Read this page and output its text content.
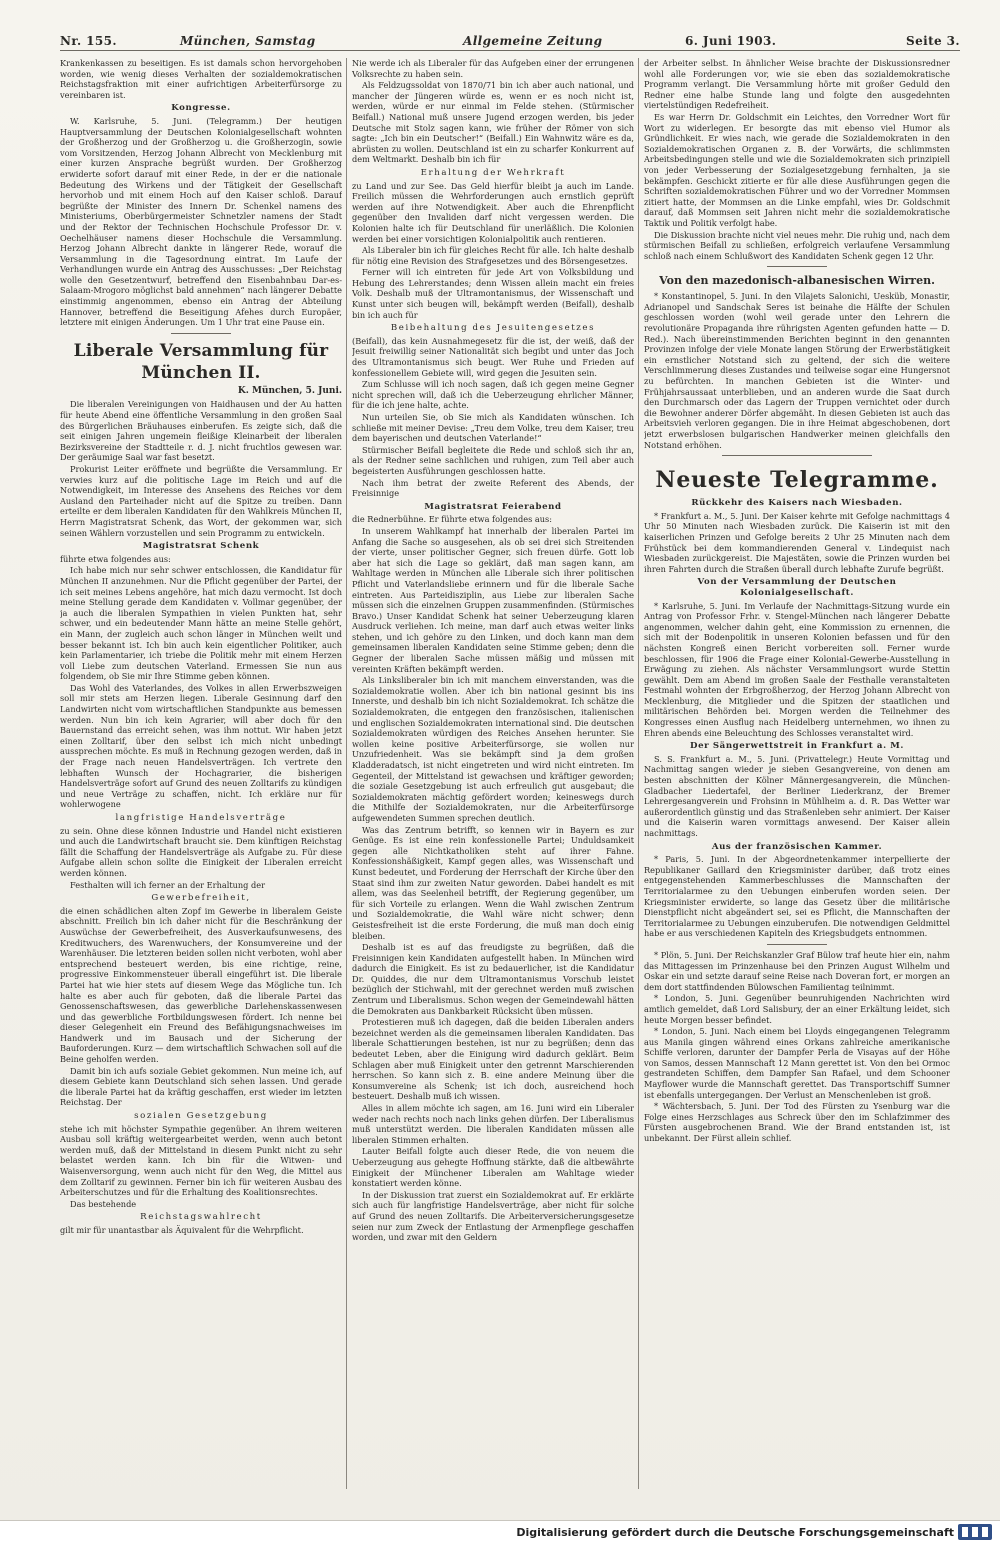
Nr. 155.	München, Samstag	Allgemeine Zeitung	6. Juni 1903.	Seite 3.

Krankenkassen zu beseitigen. Es ist damals schon hervorgehoben worden, wie wenig dieses Verhalten der sozialdemokratischen Reichstagsfraktion mit einer aufrichtigen Arbeiterfürsorge zu vereinbaren ist.

Kongresse.

W. Karlsruhe, 5. Juni. (Telegramm.) Der heutigen Hauptversammlung der Deutschen Kolonialgesellschaft wohnten der Großherzog und der Großherzog u. die Großherzogin, sowie vom Vorsitzenden, Herzog Johann Albrecht von Mecklenburg mit einer kurzen Ansprache begrüßt wurden. Der Großherzog erwiderte sofort darauf mit einer Rede, in der er die nationale Bedeutung des Wirkens und der Tätigkeit der Gesellschaft hervorhob und mit einem Hoch auf den Kaiser schloß. Darauf begrüßte der Minister des Innern Dr. Schenkel namens des Ministeriums, Oberbürgermeister Schnetzler namens der Stadt und der Rektor der Technischen Hochschule Professor Dr. v. Oechelhäuser namens dieser Hochschule die Versammlung. Herzog Johann Albrecht dankte in längerer Rede, worauf die Versammlung in die Tagesordnung eintrat. Im Laufe der Verhandlungen wurde ein Antrag des Ausschusses: „Der Reichstag wolle den Gesetzentwurf, betreffend den Eisenbahnbau Dar-es-Salaam-Mrogoro möglichst bald annehmen“ nach längerer Debatte einstimmig angenommen, ebenso ein Antrag der Abteilung Hannover, betreffend die Beseitigung Afehes durch Europäer, letztere mit einigen Änderungen. Um 1 Uhr trat eine Pause ein.

Liberale Versammlung für München II.
K. München, 5. Juni.

Die liberalen Vereinigungen von Haidhausen und der Au hatten für heute Abend eine öffentliche Versammlung in den großen Saal des Bürgerlichen Bräuhauses einberufen. Es zeigte sich, daß die seit einigen Jahren ungemein fleißige Kleinarbeit der liberalen Bezirksvereine der Stadtteile r. d. J. nicht fruchtlos gewesen war. Der geräumige Saal war fast besetzt.

Prokurist Leiter eröffnete und begrüßte die Versammlung. Er verwies kurz auf die politische Lage im Reich und auf die Notwendigkeit, im Interesse des Ansehens des Reiches vor dem Ausland den Parteihader nicht auf die Spitze zu treiben. Dann erteilte er dem liberalen Kandidaten für den Wahlkreis München II, Herrn Magistratsrat Schenk, das Wort, der gekommen war, sich seinen Wählern vorzustellen und sein Programm zu entwickeln.

Magistratsrat Schenk

führte etwa folgendes aus:

Ich habe mich nur sehr schwer entschlossen, die Kandidatur für München II anzunehmen. Nur die Pflicht gegenüber der Partei, der ich seit meines Lebens angehöre, hat mich dazu vermocht. Ist doch meine Stellung gerade dem Kandidaten v. Vollmar gegenüber, der ja auch die liberalen Sympathien in vielen Punkten hat, sehr schwer, und ein bedeutender Mann hätte an meine Stelle gehört, ein Mann, der zugleich auch schon länger in München weilt und besser bekannt ist. Ich bin auch kein eigentlicher Politiker, auch kein Parlamentarier, ich triebe die Politik mehr mit einem Herzen voll Liebe zum deutschen Vaterland. Ermessen Sie nun aus folgendem, ob Sie mir Ihre Stimme geben können.

Das Wohl des Vaterlandes, des Volkes in allen Erwerbszweigen soll mir stets am Herzen liegen. Liberale Gesinnung darf den Landwirten nicht vom wirtschaftlichen Standpunkte aus bemessen werden. Nun bin ich kein Agrarier, will aber doch für den Bauernstand das erreicht sehen, was ihm nottut. Wir haben jetzt einen Zolltarif, über den selbst ich mich nicht unbedingt aussprechen möchte. Es muß in Rechnung gezogen werden, daß in der Frage nach neuen Handelsverträgen. Ich vertrete den lebhaften Wunsch der Hochagrarier, die bisherigen Handelsverträge sofort auf Grund des neuen Zolltarifs zu kündigen und neue Verträge zu schaffen, nicht. Ich erkläre nur für wohlerwogene

langfristige Handelsverträge

zu sein. Ohne diese können Industrie und Handel nicht existieren und auch die Landwirtschaft braucht sie. Dem künftigen Reichstag fällt die Schaffung der Handelsverträge als Aufgabe zu. Für diese Aufgabe allein schon sollte die Einigkeit der Liberalen erreicht werden können.

Festhalten will ich ferner an der Erhaltung der

Gewerbefreiheit,

die einen schädlichen alten Zopf im Gewerbe in liberalem Geiste abschnitt. Freilich bin ich daher nicht für die Beschränkung der Auswüchse der Gewerbefreiheit, des Ausverkaufsunwesens, des Kreditwuchers, des Warenwuchers, der Konsumvereine und der Warenhäuser. Die letzteren beiden sollen nicht verboten, wohl aber entsprechend besteuert werden, bis eine richtige, reine, progressive Einkommensteuer überall eingeführt ist. Die liberale Partei hat wie hier stets auf diesem Wege das Mögliche tun. Ich halte es aber auch für geboten, daß die liberale Partei das Genossenschaftswesen, das gewerbliche Darlehenskassenwesen und das gewerbliche Fortbildungswesen fördert. Ich nenne bei dieser Gelegenheit ein Freund des Befähigungsnachweises im Handwerk und im Bausach und der Sicherung der Bauforderungen. Kurz — dem wirtschaftlich Schwachen soll auf die Beine geholfen werden.

Damit bin ich aufs soziale Gebiet gekommen. Nun meine ich, auf diesem Gebiete kann Deutschland sich sehen lassen. Und gerade die liberale Partei hat da kräftig geschaffen, erst wieder im letzten Reichstag. Der

sozialen Gesetzgebung

stehe ich mit höchster Sympathie gegenüber. An ihrem weiteren Ausbau soll kräftig weitergearbeitet werden, wenn auch betont werden muß, daß der Mittelstand in diesem Punkt nicht zu sehr belastet werden kann. Ich bin für die Witwen- und Waisenversorgung, wenn auch nicht für den Weg, die Mittel aus dem Zolltarif zu gewinnen. Ferner bin ich für weiteren Ausbau des Arbeiterschutzes und für die Erhaltung des Koalitionsrechtes.

Das bestehende

Reichstagswahlrecht

gilt mir für unantastbar als Äquivalent für die Wehrpflicht.

Nie werde ich als Liberaler für das Aufgeben einer der errungenen Volksrechte zu haben sein.

Als Feldzugssoldat von 1870/71 bin ich aber auch national, und mancher der Jüngeren würde es, wenn er es noch nicht ist, werden, würde er nur einmal im Felde stehen. (Stürmischer Beifall.) National muß unsere Jugend erzogen werden, bis jeder Deutsche mit Stolz sagen kann, wie früher der Römer von sich sagte: „Ich bin ein Deutscher!“ (Beifall.) Ein Wahnwitz wäre es da, abrüsten zu wollen. Deutschland ist ein zu scharfer Konkurrent auf dem Weltmarkt. Deshalb bin ich für

Erhaltung der Wehrkraft

zu Land und zur See. Das Geld hierfür bleibt ja auch im Lande. Freilich müssen die Wehrforderungen auch ernstlich geprüft werden auf ihre Notwendigkeit. Aber auch die Ehrenpflicht gegenüber den Invaliden darf nicht vergessen werden. Die Kolonien halte ich für Deutschland für unerläßlich. Die Kolonien werden bei einer vorsichtigen Kolonialpolitik auch rentieren.

Als Liberaler bin ich für gleiches Recht für alle. Ich halte deshalb für nötig eine Revision des Strafgesetzes und des Börsengesetzes.

Ferner will ich eintreten für jede Art von Volksbildung und Hebung des Lehrerstandes; denn Wissen allein macht ein freies Volk. Deshalb muß der Ultramontanismus, der Wissenschaft und Kunst unter sich beugen will, bekämpft werden (Beifall), deshalb bin ich auch für

Beibehaltung des Jesuitengesetzes

(Beifall), das kein Ausnahmegesetz für die ist, der weiß, daß der Jesuit freiwillig seiner Nationalität sich begibt und unter das Joch des Ultramontanismus sich beugt. Wer Ruhe und Frieden auf konfessionellem Gebiete will, wird gegen die Jesuiten sein.

Zum Schlusse will ich noch sagen, daß ich gegen meine Gegner nicht sprechen will, daß ich die Ueberzeugung ehrlicher Männer, für die ich jene halte, achte.

Nun urteilen Sie, ob Sie mich als Kandidaten wünschen. Ich schließe mit meiner Devise: „Treu dem Volke, treu dem Kaiser, treu dem bayerischen und deutschen Vaterlande!“

Stürmischer Beifall begleitete die Rede und schloß sich ihr an, als der Redner seine sachlichen und ruhigen, zum Teil aber auch begeisterten Ausführungen geschlossen hatte.

Nach ihm betrat der zweite Referent des Abends, der Freisinnige

Magistratsrat Feierabend

die Rednerbühne. Er führte etwa folgendes aus:

In unserem Wahlkampf hat innerhalb der liberalen Partei im Anfang die Sache so ausgesehen, als ob sei drei sich Streitenden der vierte, unser politischer Gegner, sich freuen dürfe. Gott lob aber hat sich die Lage so geklärt, daß man sagen kann, am Wahltage werden in München alle Liberale sich ihrer politischen Pflicht und Vaterlandsliebe erinnern und für die liberale Sache eintreten. Aus Parteidisziplin, aus Liebe zur liberalen Sache müssen sich die einzelnen Gruppen zusammenfinden. (Stürmisches Bravo.) Unser Kandidat Schenk hat seiner Ueberzeugung klaren Ausdruck verliehen. Ich meine, man darf auch etwas weiter links stehen, und ich gehöre zu den Linken, und doch kann man dem gemeinsamen liberalen Kandidaten seine Stimme geben; denn die Gegner der liberalen Sache müssen mäßig und müssen mit vereinten Kräften bekämpft werden.

Als Linksliberaler bin ich mit manchem einverstanden, was die Sozialdemokratie wollen. Aber ich bin national gesinnt bis ins Innerste, und deshalb bin ich nicht Sozialdemokrat. Ich schätze die Sozialdemokraten, die entgegen den französischen, italienischen und englischen Sozialdemokraten international sind. Die deutschen Sozialdemokraten würdigen des Reiches Ansehen herunter. Sie wollen keine positive Arbeiterfürsorge, sie wollen nur Unzufriedenheit. Was sie bekämpft sind ja dem großen Kladderadatsch, ist nicht eingetreten und wird nicht eintreten. Im Gegenteil, der Mittelstand ist gewachsen und kräftiger geworden; die soziale Gesetzgebung ist auch erfreulich gut ausgebaut; die Sozialdemokraten mächtig gefördert worden; keineswegs durch die Mithilfe der Sozialdemokraten, nur die Arbeiterfürsorge aufgewendeten Summen sprechen deutlich.

Was das Zentrum betrifft, so kennen wir in Bayern es zur Genüge. Es ist eine rein konfessionelle Partei; Unduldsamkeit gegen alle Nichtkatholiken steht auf ihrer Fahne. Konfessionshäßigkeit, Kampf gegen alles, was Wissenschaft und Kunst bedeutet, und Forderung der Herrschaft der Kirche über den Staat sind ihm zur zweiten Natur geworden. Dabei handelt es mit allem, was das Seelenheil betrifft, der Regierung gegenüber, um für sich Vorteile zu erlangen. Wenn die Wahl zwischen Zentrum und Sozialdemokratie, die Wahl wäre nicht schwer; denn Geistesfreiheit ist die erste Forderung, die muß man doch einig bleiben.

Deshalb ist es auf das freudigste zu begrüßen, daß die Freisinnigen kein Kandidaten aufgestellt haben. In München wird dadurch die Einigkeit. Es ist zu bedauerlicher, ist die Kandidatur Dr. Quiddes, die nur dem Ultramontanismus Vorschub leistet bezüglich der Stichwahl, mit der gerechnet werden muß zwischen Zentrum und Liberalismus. Schon wegen der Gemeindewahl hätten die Demokraten aus Dankbarkeit Rücksicht üben müssen.

Protestieren muß ich dagegen, daß die beiden Liberalen anders bezeichnet werden als die gemeinsamen liberalen Kandidaten. Das liberale Schattierungen bestehen, ist nur zu begrüßen; denn das bedeutet Leben, aber die Einigung wird dadurch geklärt. Beim Schlagen aber muß Einigkeit unter den getrennt Marschierenden herrschen. So kann sich z. B. eine andere Meinung über die Konsumvereine als Schenk; ist ich doch, ausreichend hoch besteuert. Deshalb muß ich wissen.

Alles in allem möchte ich sagen, am 16. Juni wird ein Liberaler weder nach rechts noch nach links gehen dürfen. Der Liberalismus muß unterstützt werden. Die liberalen Kandidaten müssen alle liberalen Stimmen erhalten.

Lauter Beifall folgte auch dieser Rede, die von neuem die Ueberzeugung aus gehegte Hoffnung stärkte, daß die altbewährte Einigkeit der Münchener Liberalen am Wahltage wieder konstatiert werden könne.

In der Diskussion trat zuerst ein Sozialdemokrat auf. Er erklärte sich auch für langfristige Handelsverträge, aber nicht für solche auf Grund des neuen Zolltarifs. Die Arbeiterversicherungsgesetze seien nur zum Zweck der Entlastung der Armenpflege geschaffen worden, und zwar mit den Geldern

der Arbeiter selbst. In ähnlicher Weise brachte der Diskussionsredner wohl alle Forderungen vor, wie sie eben das sozialdemokratische Programm verlangt. Die Versammlung hörte mit großer Geduld den Redner eine halbe Stunde lang und folgte den ausgedehnten viertelstündigen Redefreiheit.

Es war Herrn Dr. Goldschmit ein Leichtes, den Vorredner Wort für Wort zu widerlegen. Er besorgte das mit ebenso viel Humor als Gründlichkeit. Er wies nach, wie gerade die Sozialdemokraten in den Sozialdemokratischen Organen z. B. der Vorwärts, die schlimmsten Arbeitsbedingungen stelle und wie die Sozialdemokraten sich prinzipiell von jeder Verbesserung der Sozialgesetzgebung fernhalten, ja sie bekämpfen. Geschickt zitierte er für alle diese Ausführungen gegen die Schriften sozialdemokratischen Führer und wo der Vorredner Mommsen zitiert hatte, der Mommsen an die Linke empfahl, wies Dr. Goldschmit darauf, daß Mommsen seit Jahren nicht mehr die sozialdemokratische Taktik und Politik verfolgt habe.

Die Diskussion brachte nicht viel neues mehr. Die ruhig und, nach dem stürmischen Beifall zu schließen, erfolgreich verlaufene Versammlung schloß nach einem Schlußwort des Kandidaten Schenk gegen 12 Uhr.

Von den mazedonisch-albanesischen Wirren.

* Konstantinopel, 5. Juni. In den Vilajets Salonichi, Uesküb, Monastir, Adrianopel und Sandschak Seres ist beinahe die Hälfte der Schulen geschlossen worden (wohl weil gerade unter den Lehrern die revolutionäre Propaganda ihre rührigsten Agenten gefunden hatte — D. Red.). Nach übereinstimmenden Berichten beginnt in den genannten Provinzen infolge der viele Monate langen Störung der Erwerbstätigkeit ein ernstlicher Notstand sich zu geltend, der sich die weitere Verschlimmerung dieses Zustandes und teilweise sogar eine Hungersnot zu befürchten. In manchen Gebieten ist die Winter- und Frühjahrsaussaat unterblieben, und an anderen wurde die Saat durch den Durchmarsch oder das Lagern der Truppen vernichtet oder durch die Bewohner anderer Dörfer abgemäht. In diesen Gebieten ist auch das Arbeitsvieh verloren gegangen. Die in ihre Heimat abgeschobenen, dort jetzt erwerbslosen bulgarischen Handwerker meinen gleichfalls den Notstand erhöhen.

Neueste Telegramme.
Rückkehr des Kaisers nach Wiesbaden.

* Frankfurt a. M., 5. Juni. Der Kaiser kehrte mit Gefolge nachmittags 4 Uhr 50 Minuten nach Wiesbaden zurück. Die Kaiserin ist mit den kaiserlichen Prinzen und Gefolge bereits 2 Uhr 25 Minuten nach dem Frühstück bei dem kommandierenden General v. Lindequist nach Wiesbaden zurückgereist. Die Majestäten, sowie die Prinzen wurden bei ihren Fahrten durch die Straßen überall durch lebhafte Zurufe begrüßt.

Von der Versammlung der Deutschen Kolonialgesellschaft.

* Karlsruhe, 5. Juni. Im Verlaufe der Nachmittags-Sitzung wurde ein Antrag von Professor Frhr. v. Stengel-München nach längerer Debatte angenommen, welcher dahin geht, eine Kommission zu ernennen, die sich mit der Bodenpolitik in unseren Kolonien befassen und für den nächsten Kongreß einen Bericht vorbereiten soll. Ferner wurde beschlossen, für 1906 die Frage einer Kolonial-Gewerbe-Ausstellung in Erwägung zu ziehen. Als nächster Versammlungsort wurde Stettin gewählt. Dem am Abend im großen Saale der Festhalle veranstalteten Festmahl wohnten der Erbgroßherzog, der Herzog Johann Albrecht von Mecklenburg, die Mitglieder und die Spitzen der staatlichen und militärischen Behörden bei. Morgen werden die Teilnehmer des Kongresses einen Ausflug nach Heidelberg unternehmen, wo ihnen zu Ehren abends eine Beleuchtung des Schlosses veranstaltet wird.

Der Sängerwettstreit in Frankfurt a. M.

S. S. Frankfurt a. M., 5. Juni. (Privattelegr.) Heute Vormittag und Nachmittag sangen wieder je sieben Gesangvereine, von denen am besten abschnitten der Kölner Männergesangverein, die München-Gladbacher Liedertafel, der Berliner Liederkranz, der Bremer Lehrergesangverein und Frohsinn in Mühlheim a. d. R. Das Wetter war außerordentlich günstig und das Straßenleben sehr animiert. Der Kaiser und die Kaiserin waren vormittags anwesend. Der Kaiser allein nachmittags.

Aus der französischen Kammer.

* Paris, 5. Juni. In der Abgeordnetenkammer interpellierte der Republikaner Gaillard den Kriegsminister darüber, daß trotz eines entgegenstehenden Kammerbeschlusses die Mannschaften der Territorialarmee zu den Uebungen einberufen worden seien. Der Kriegsminister erwiderte, so lange das Gesetz über die militärische Dienstpflicht nicht abgeändert sei, sei es Pflicht, die Mannschaften der Territorialarmee zu Uebungen einzuberufen. Die notwendigen Geldmittel habe er aus verschiedenen Kapiteln des Kriegsbudgets entnommen.

* Plön, 5. Juni. Der Reichskanzler Graf Bülow traf heute hier ein, nahm das Mittagessen im Prinzenhause bei den Prinzen August Wilhelm und Oskar ein und setzte darauf seine Reise nach Doveran fort, er morgen an dem dort stattfindenden Bülowschen Familientag teilnimmt.

* London, 5. Juni. Gegenüber beunruhigenden Nachrichten wird amtlich gemeldet, daß Lord Salisbury, der an einer Erkältung leidet, sich heute Morgen besser befindet.

* London, 5. Juni. Nach einem bei Lloyds eingegangenen Telegramm aus Manila gingen während eines Orkans zahlreiche amerikanische Schiffe verloren, darunter der Dampfer Perla de Visayas auf der Höhe von Samos, dessen Mannschaft 12 Mann gerettet ist. Von den bei Ormoc gestrandeten Schiffen, dem Dampfer San Rafael, und dem Schooner Mayflower wurde die Mannschaft gerettet. Das Transportschiff Sumner ist ebenfalls untergegangen. Der Verlust an Menschenleben ist groß.

* Wächtersbach, 5. Juni. Der Tod des Fürsten zu Ysenburg war die Folge eines Herzschlages aus Schreck über den im Schlafzimmer des Fürsten ausgebrochenen Brand. Wie der Brand entstanden ist, ist unbekannt. Der Fürst allein schlief.

Digitalisierung gefördert durch die Deutsche Forschungsgemeinschaft
